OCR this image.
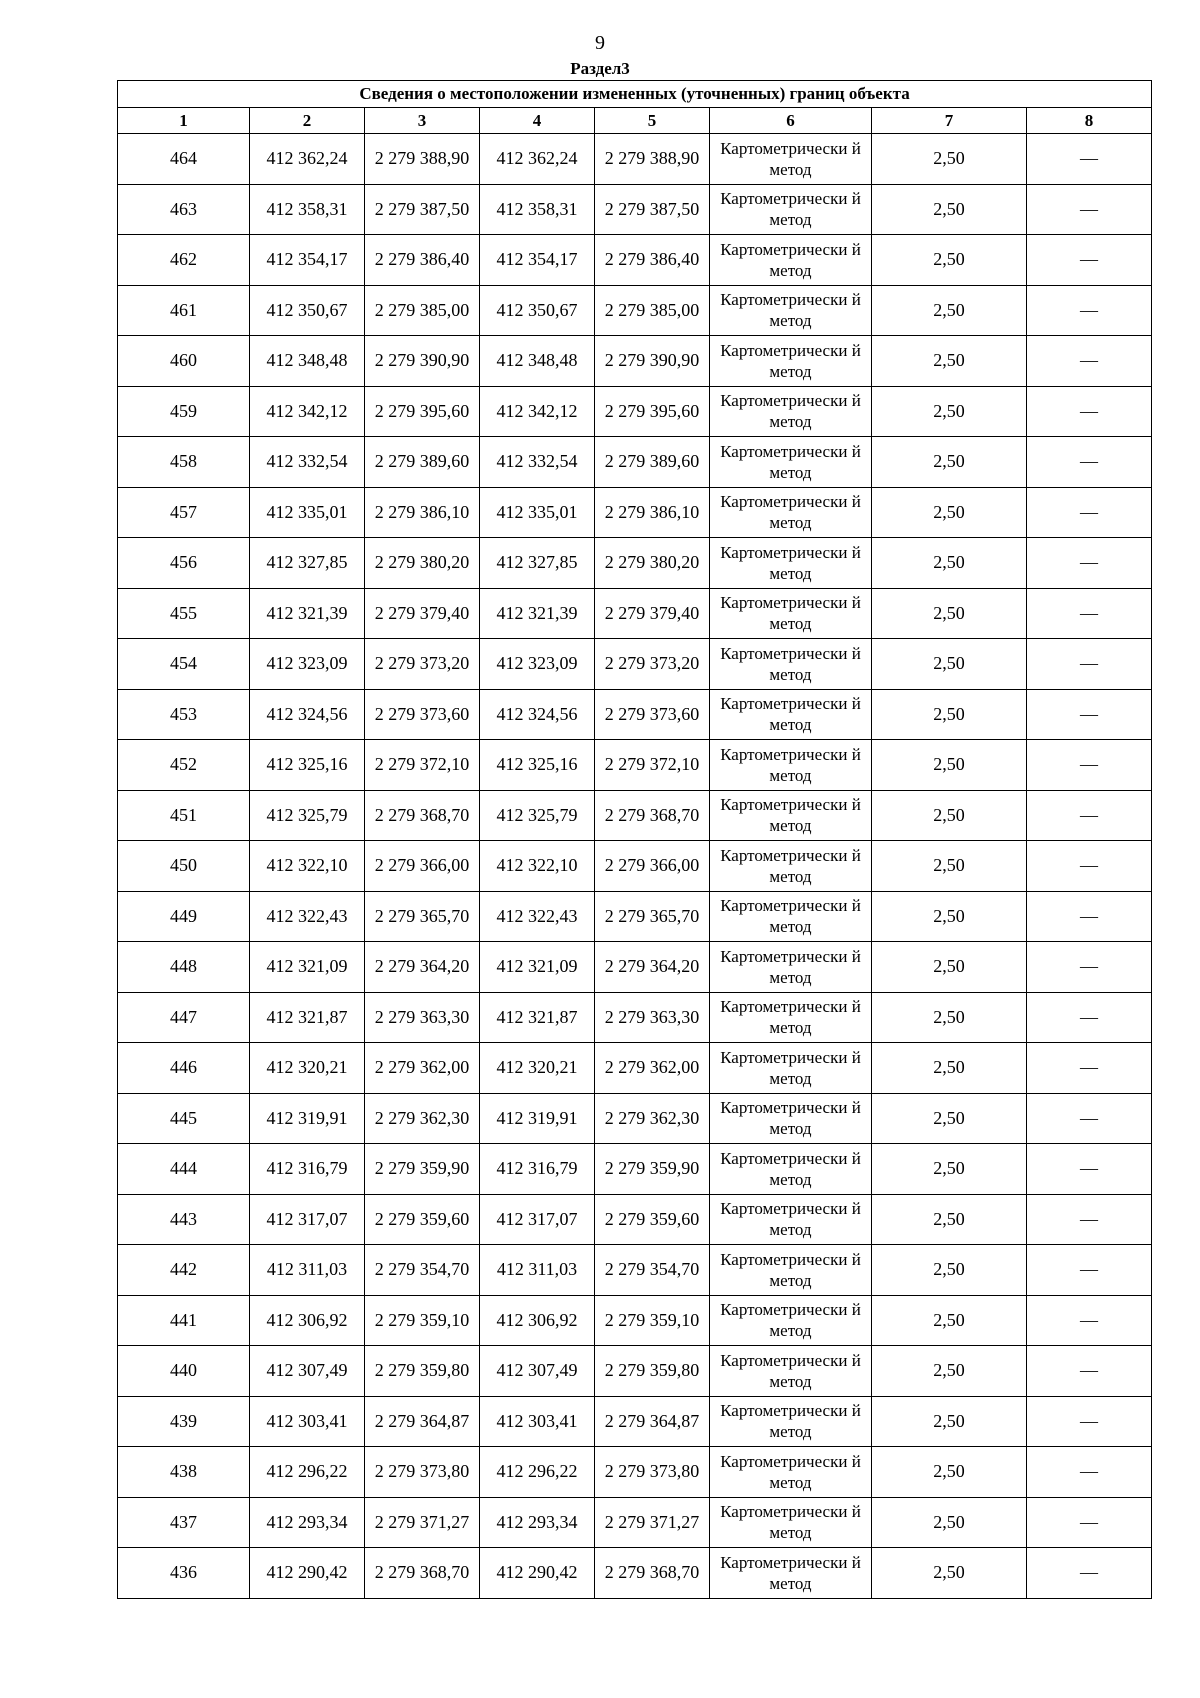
9
Раздел3
Сведения о местоположении измененных (уточненных) границ объекта							
1	2	3	4	5	6	7	8
464	412 362,24	2 279 388,90	412 362,24	2 279 388,90	Картометрически й метод	2,50	—
463	412 358,31	2 279 387,50	412 358,31	2 279 387,50	Картометрически й метод	2,50	—
462	412 354,17	2 279 386,40	412 354,17	2 279 386,40	Картометрически й метод	2,50	—
461	412 350,67	2 279 385,00	412 350,67	2 279 385,00	Картометрически й метод	2,50	—
460	412 348,48	2 279 390,90	412 348,48	2 279 390,90	Картометрически й метод	2,50	—
459	412 342,12	2 279 395,60	412 342,12	2 279 395,60	Картометрически й метод	2,50	—
458	412 332,54	2 279 389,60	412 332,54	2 279 389,60	Картометрически й метод	2,50	—
457	412 335,01	2 279 386,10	412 335,01	2 279 386,10	Картометрически й метод	2,50	—
456	412 327,85	2 279 380,20	412 327,85	2 279 380,20	Картометрически й метод	2,50	—
455	412 321,39	2 279 379,40	412 321,39	2 279 379,40	Картометрически й метод	2,50	—
454	412 323,09	2 279 373,20	412 323,09	2 279 373,20	Картометрически й метод	2,50	—
453	412 324,56	2 279 373,60	412 324,56	2 279 373,60	Картометрически й метод	2,50	—
452	412 325,16	2 279 372,10	412 325,16	2 279 372,10	Картометрически й метод	2,50	—
451	412 325,79	2 279 368,70	412 325,79	2 279 368,70	Картометрически й метод	2,50	—
450	412 322,10	2 279 366,00	412 322,10	2 279 366,00	Картометрически й метод	2,50	—
449	412 322,43	2 279 365,70	412 322,43	2 279 365,70	Картометрически й метод	2,50	—
448	412 321,09	2 279 364,20	412 321,09	2 279 364,20	Картометрически й метод	2,50	—
447	412 321,87	2 279 363,30	412 321,87	2 279 363,30	Картометрически й метод	2,50	—
446	412 320,21	2 279 362,00	412 320,21	2 279 362,00	Картометрически й метод	2,50	—
445	412 319,91	2 279 362,30	412 319,91	2 279 362,30	Картометрически й метод	2,50	—
444	412 316,79	2 279 359,90	412 316,79	2 279 359,90	Картометрически й метод	2,50	—
443	412 317,07	2 279 359,60	412 317,07	2 279 359,60	Картометрически й метод	2,50	—
442	412 311,03	2 279 354,70	412 311,03	2 279 354,70	Картометрически й метод	2,50	—
441	412 306,92	2 279 359,10	412 306,92	2 279 359,10	Картометрически й метод	2,50	—
440	412 307,49	2 279 359,80	412 307,49	2 279 359,80	Картометрически й метод	2,50	—
439	412 303,41	2 279 364,87	412 303,41	2 279 364,87	Картометрически й метод	2,50	—
438	412 296,22	2 279 373,80	412 296,22	2 279 373,80	Картометрически й метод	2,50	—
437	412 293,34	2 279 371,27	412 293,34	2 279 371,27	Картометрически й метод	2,50	—
436	412 290,42	2 279 368,70	412 290,42	2 279 368,70	Картометрически й метод	2,50	—
